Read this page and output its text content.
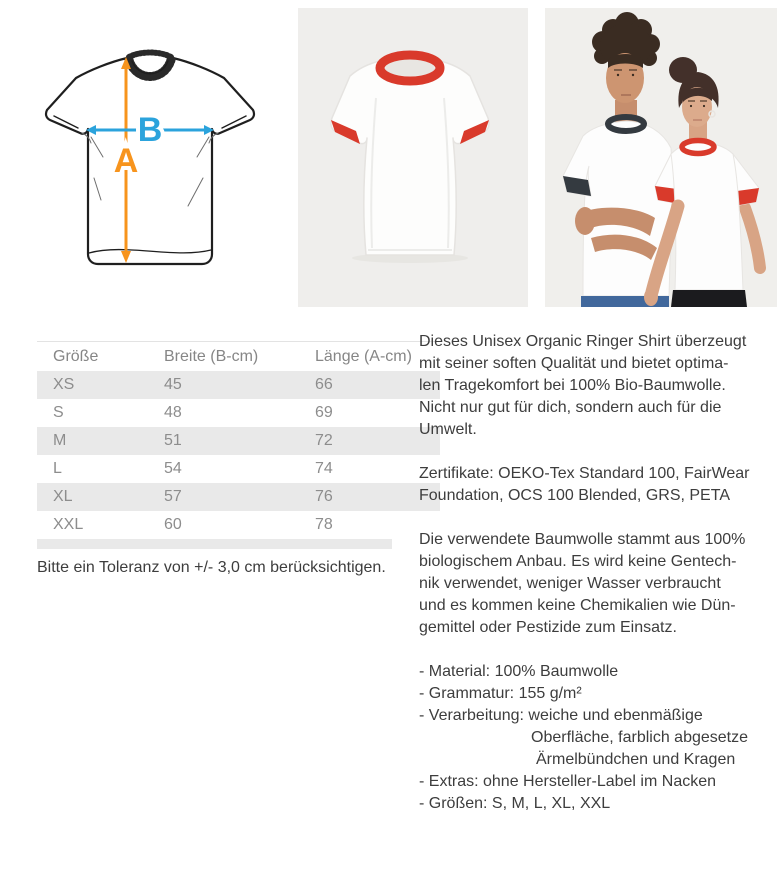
A
B
Größe	Breite (B-cm)	Länge (A-cm)
XS	45	66
S	48	69
M	51	72
L	54	74
XL	57	76
XXL	60	78

Bitte ein Toleranz von +/- 3,0 cm berücksichtigen.

Dieses Unisex Organic Ringer Shirt überzeugt
mit seiner soften Qualität und bietet optima-
len Tragekomfort bei 100% Bio-Baumwolle.
Nicht nur gut für dich, sondern auch für die
Umwelt.
Zertifikate: OEKO-Tex Standard 100, FairWear
Foundation, OCS 100 Blended, GRS, PETA
Die verwendete Baumwolle stammt aus 100%
biologischem Anbau. Es wird keine Gentech-
nik verwendet, weniger Wasser verbraucht
und es kommen keine Chemikalien wie Dün-
gemittel oder Pestizide zum Einsatz.
- Material: 100% Baumwolle
- Grammatur: 155 g/m²
- Verarbeitung: weiche und ebenmäßige
Oberfläche, farblich abgesetze
Ärmelbündchen und Kragen
- Extras: ohne Hersteller-Label im Nacken
- Größen: S, M, L, XL, XXL
